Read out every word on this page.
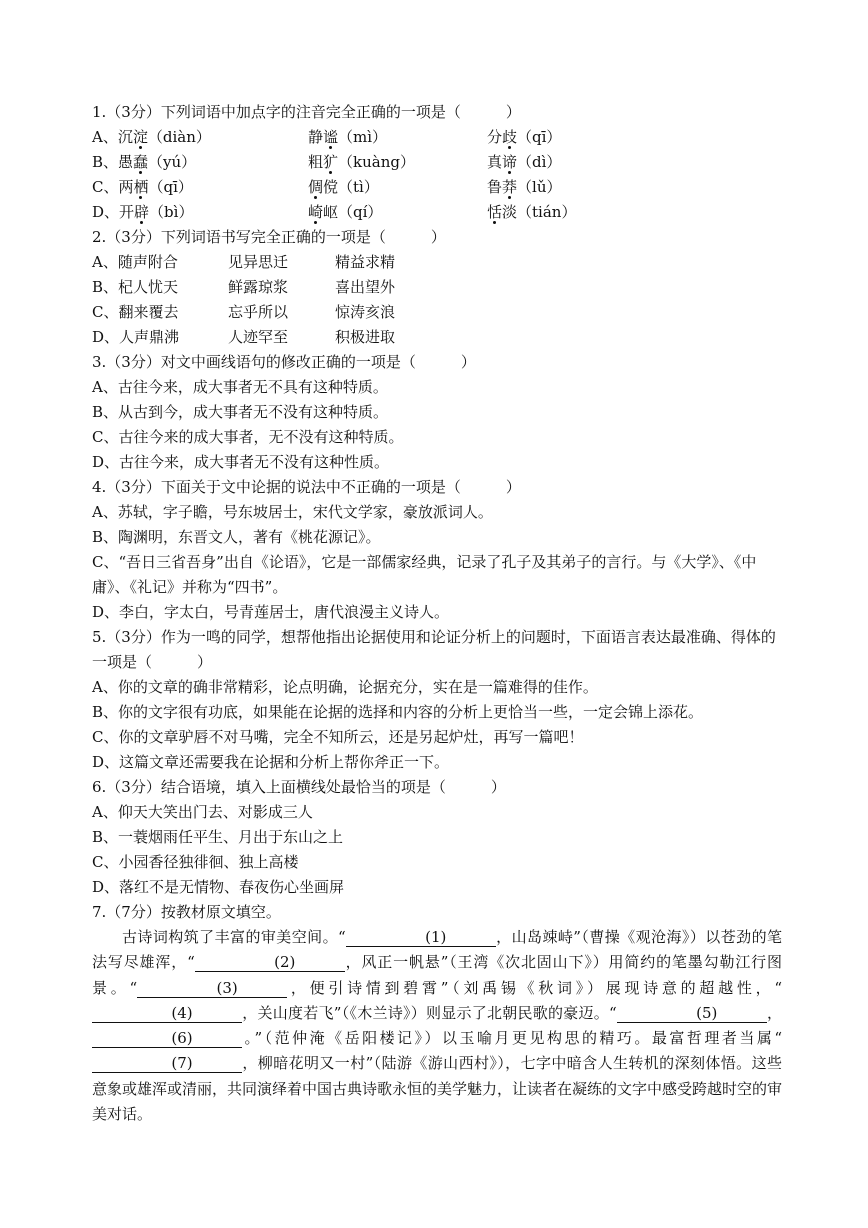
1.（3分）下列词语中加点字的注音完全正确的一项是（　　　）
A、沉淀（diàn）	静谧（mì）	分歧（qī）
B、愚蠢（yú）	粗犷（kuàng）	真谛（dì）
C、两栖（qī）	倜傥（tì）	鲁莽（lǔ）
D、开辟（bì）	崎岖（qí）	恬淡（tián）
2.（3分）下列词语书写完全正确的一项是（　　　）
A、随声附合	见异思迁	精益求精
B、杞人忧天	鲜露琼浆	喜出望外
C、翻来覆去	忘乎所以	惊涛亥浪
D、人声鼎沸	人迹罕至	积极进取
3.（3分）对文中画线语句的修改正确的一项是（　　　）
A、古往今来，成大事者无不具有这种特质。
B、从古到今，成大事者无不没有这种特质。
C、古往今来的成大事者，无不没有这种特质。
D、古往今来，成大事者无不没有这种性质。
4.（3分）下面关于文中论据的说法中不正确的一项是（　　　）
A、苏轼，字子瞻，号东坡居士，宋代文学家，豪放派词人。
B、陶渊明，东晋文人，著有《桃花源记》。
C、“吾日三省吾身”出自《论语》，它是一部儒家经典，记录了孔子及其弟子的言行。与《大学》、《中庸》、《礼记》并称为“四书”。
D、李白，字太白，号青莲居士，唐代浪漫主义诗人。
5.（3分）作为一鸣的同学，想帮他指出论据使用和论证分析上的问题时，下面语言表达最准确、得体的一项是（　　　）
A、你的文章的确非常精彩，论点明确，论据充分，实在是一篇难得的佳作。
B、你的文字很有功底，如果能在论据的选择和内容的分析上更恰当一些，一定会锦上添花。
C、你的文章驴唇不对马嘴，完全不知所云，还是另起炉灶，再写一篇吧！
D、这篇文章还需要我在论据和分析上帮你斧正一下。
6.（3分）结合语境，填入上面横线处最恰当的项是（　　　）
A、仰天大笑出门去、对影成三人
B、一蓑烟雨任平生、月出于东山之上
C、小园香径独徘徊、独上高楼
D、落红不是无情物、春夜伤心坐画屏
7.（7分）按教材原文填空。
古诗词构筑了丰富的审美空间。“	(1)	，山岛竦峙”（曹操《观沧海》）以苍劲的笔法写尽雄浑，“	(2)	，风正一帆悬”（王湾《次北固山下》）用简约的笔墨勾勒江行图景。“	(3)	，便引诗情到碧霄”（刘禹锡《秋词》）展现诗意的超越性，“(4)	，关山度若飞”（《木兰诗》）则显示了北朝民歌的豪迈。“	(5)	，(6)	。”（范仲淹《岳阳楼记》）以玉喻月更见构思的精巧。最富哲理者当属“(7)	，柳暗花明又一村”（陆游《游山西村》），七字中暗含人生转机的深刻体悟。这些意象或雄浑或清丽，共同演绎着中国古典诗歌永恒的美学魅力，让读者在凝练的文字中感受跨越时空的审美对话。
